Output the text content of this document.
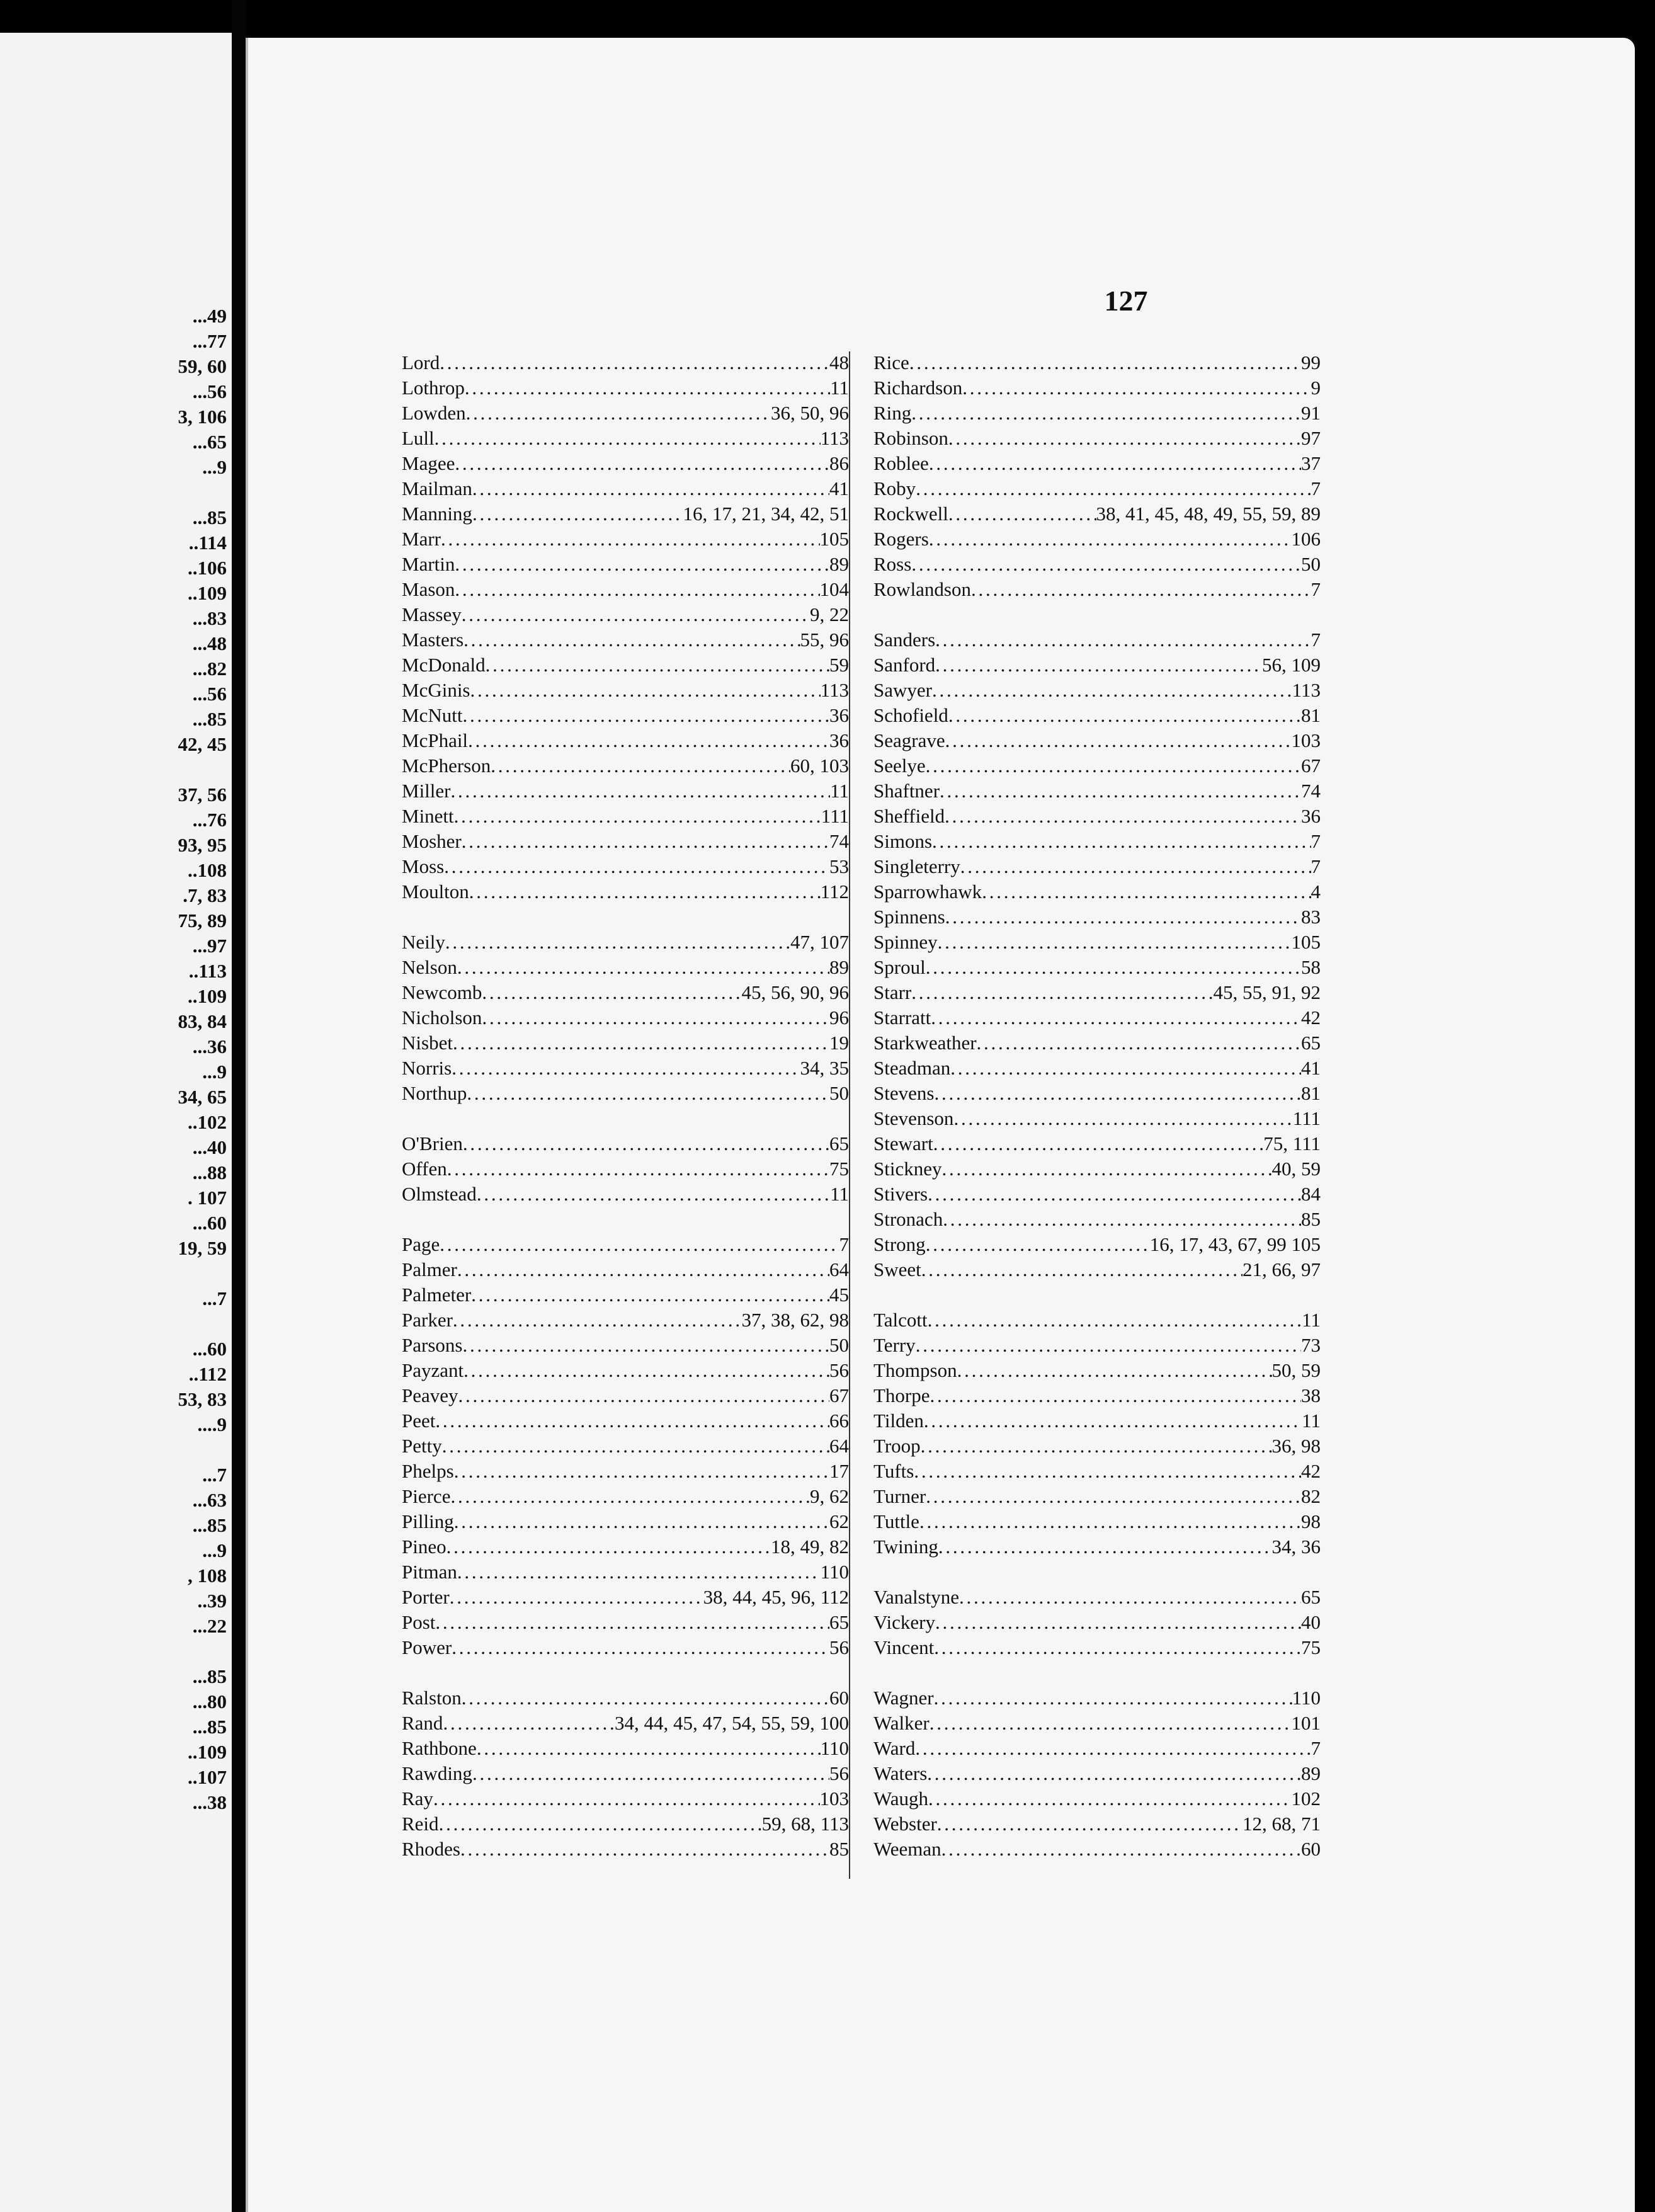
...49
...77
59, 60
...56
3, 106
...65
...9
...85
..114
..106
..109
...83
...48
...82
...56
...85
42, 45
37, 56
...76
93, 95
..108
.7, 83
75, 89
...97
..113
..109
83, 84
...36
...9
34, 65
..102
...40
...88
. 107
...60
19, 59
...7
...60
..112
53, 83
....9
...7
...63
...85
...9
, 108
..39
...22
...85
...80
...85
..109
..107
...38
127
Lord . . .	48
Lothrop . . .	11
Lowden . . .	36, 50, 96
Lull . . .	113
Magee . . .	86
Mailman . . .	41
Manning . . .	16, 17, 21, 34, 42, 51
Marr . . .	105
Martin . . .	89
Mason . . .	104
Massey . . .	9, 22
Masters . . .	55, 96
McDonald . . .	59
McGinis . . .	113
McNutt . . .	36
McPhail . . .	36
McPherson . . .	60, 103
Miller . . .	11
Minett . . .	111
Mosher . . .	74
Moss . . .	53
Moulton . . .	112
Neily . . .	47, 107
Nelson . . .	89
Newcomb . . .	45, 56, 90, 96
Nicholson . . .	96
Nisbet . . .	19
Norris . . .	34, 35
Northup . . .	50
O'Brien . . .	65
Offen . . .	75
Olmstead . . .	11
Page . . .	7
Palmer . . .	64
Palmeter . . .	45
Parker . . .	37, 38, 62, 98
Parsons . . .	50
Payzant . . .	56
Peavey . . .	67
Peet . . .	66
Petty . . .	64
Phelps . . .	17
Pierce . . .	9, 62
Pilling . . .	62
Pineo . . .	18, 49, 82
Pitman . . .	110
Porter . . .	38, 44, 45, 96, 112
Post . . .	65
Power . . .	56
Ralston . . .	60
Rand . . .	34, 44, 45, 47, 54, 55, 59, 100
Rathbone . . .	110
Rawding . . .	56
Ray . . .	103
Reid . . .	59, 68, 113
Rhodes . . .	85
Rice . . .	99
Richardson . . .	9
Ring . . .	91
Robinson . . .	97
Roblee . . .	37
Roby . . .	7
Rockwell . . .	38, 41, 45, 48, 49, 55, 59, 89
Rogers . . .	106
Ross . . .	50
Rowlandson . . .	7
Sanders . . .	7
Sanford . . .	56, 109
Sawyer . . .	113
Schofield . . .	81
Seagrave . . .	103
Seelye . . .	67
Shaftner . . .	74
Sheffield . . .	36
Simons . . .	7
Singleterry . . .	7
Sparrowhawk . . .	4
Spinnens . . .	83
Spinney . . .	105
Sproul . . .	58
Starr . . .	45, 55, 91, 92
Starratt . . .	42
Starkweather . . .	65
Steadman . . .	41
Stevens . . .	81
Stevenson . . .	111
Stewart . . .	75, 111
Stickney . . .	40, 59
Stivers . . .	84
Stronach . . .	85
Strong . . .	16, 17, 43, 67, 99 105
Sweet . . .	21, 66, 97
Talcott . . .	11
Terry . . .	73
Thompson . . .	50, 59
Thorpe . . .	38
Tilden . . .	11
Troop . . .	36, 98
Tufts . . .	42
Turner . . .	82
Tuttle . . .	98
Twining . . .	34, 36
Vanalstyne . . .	65
Vickery . . .	40
Vincent . . .	75
Wagner . . .	110
Walker . . .	101
Ward . . .	7
Waters . . .	89
Waugh . . .	102
Webster . . .	12, 68, 71
Weeman . . .	60
